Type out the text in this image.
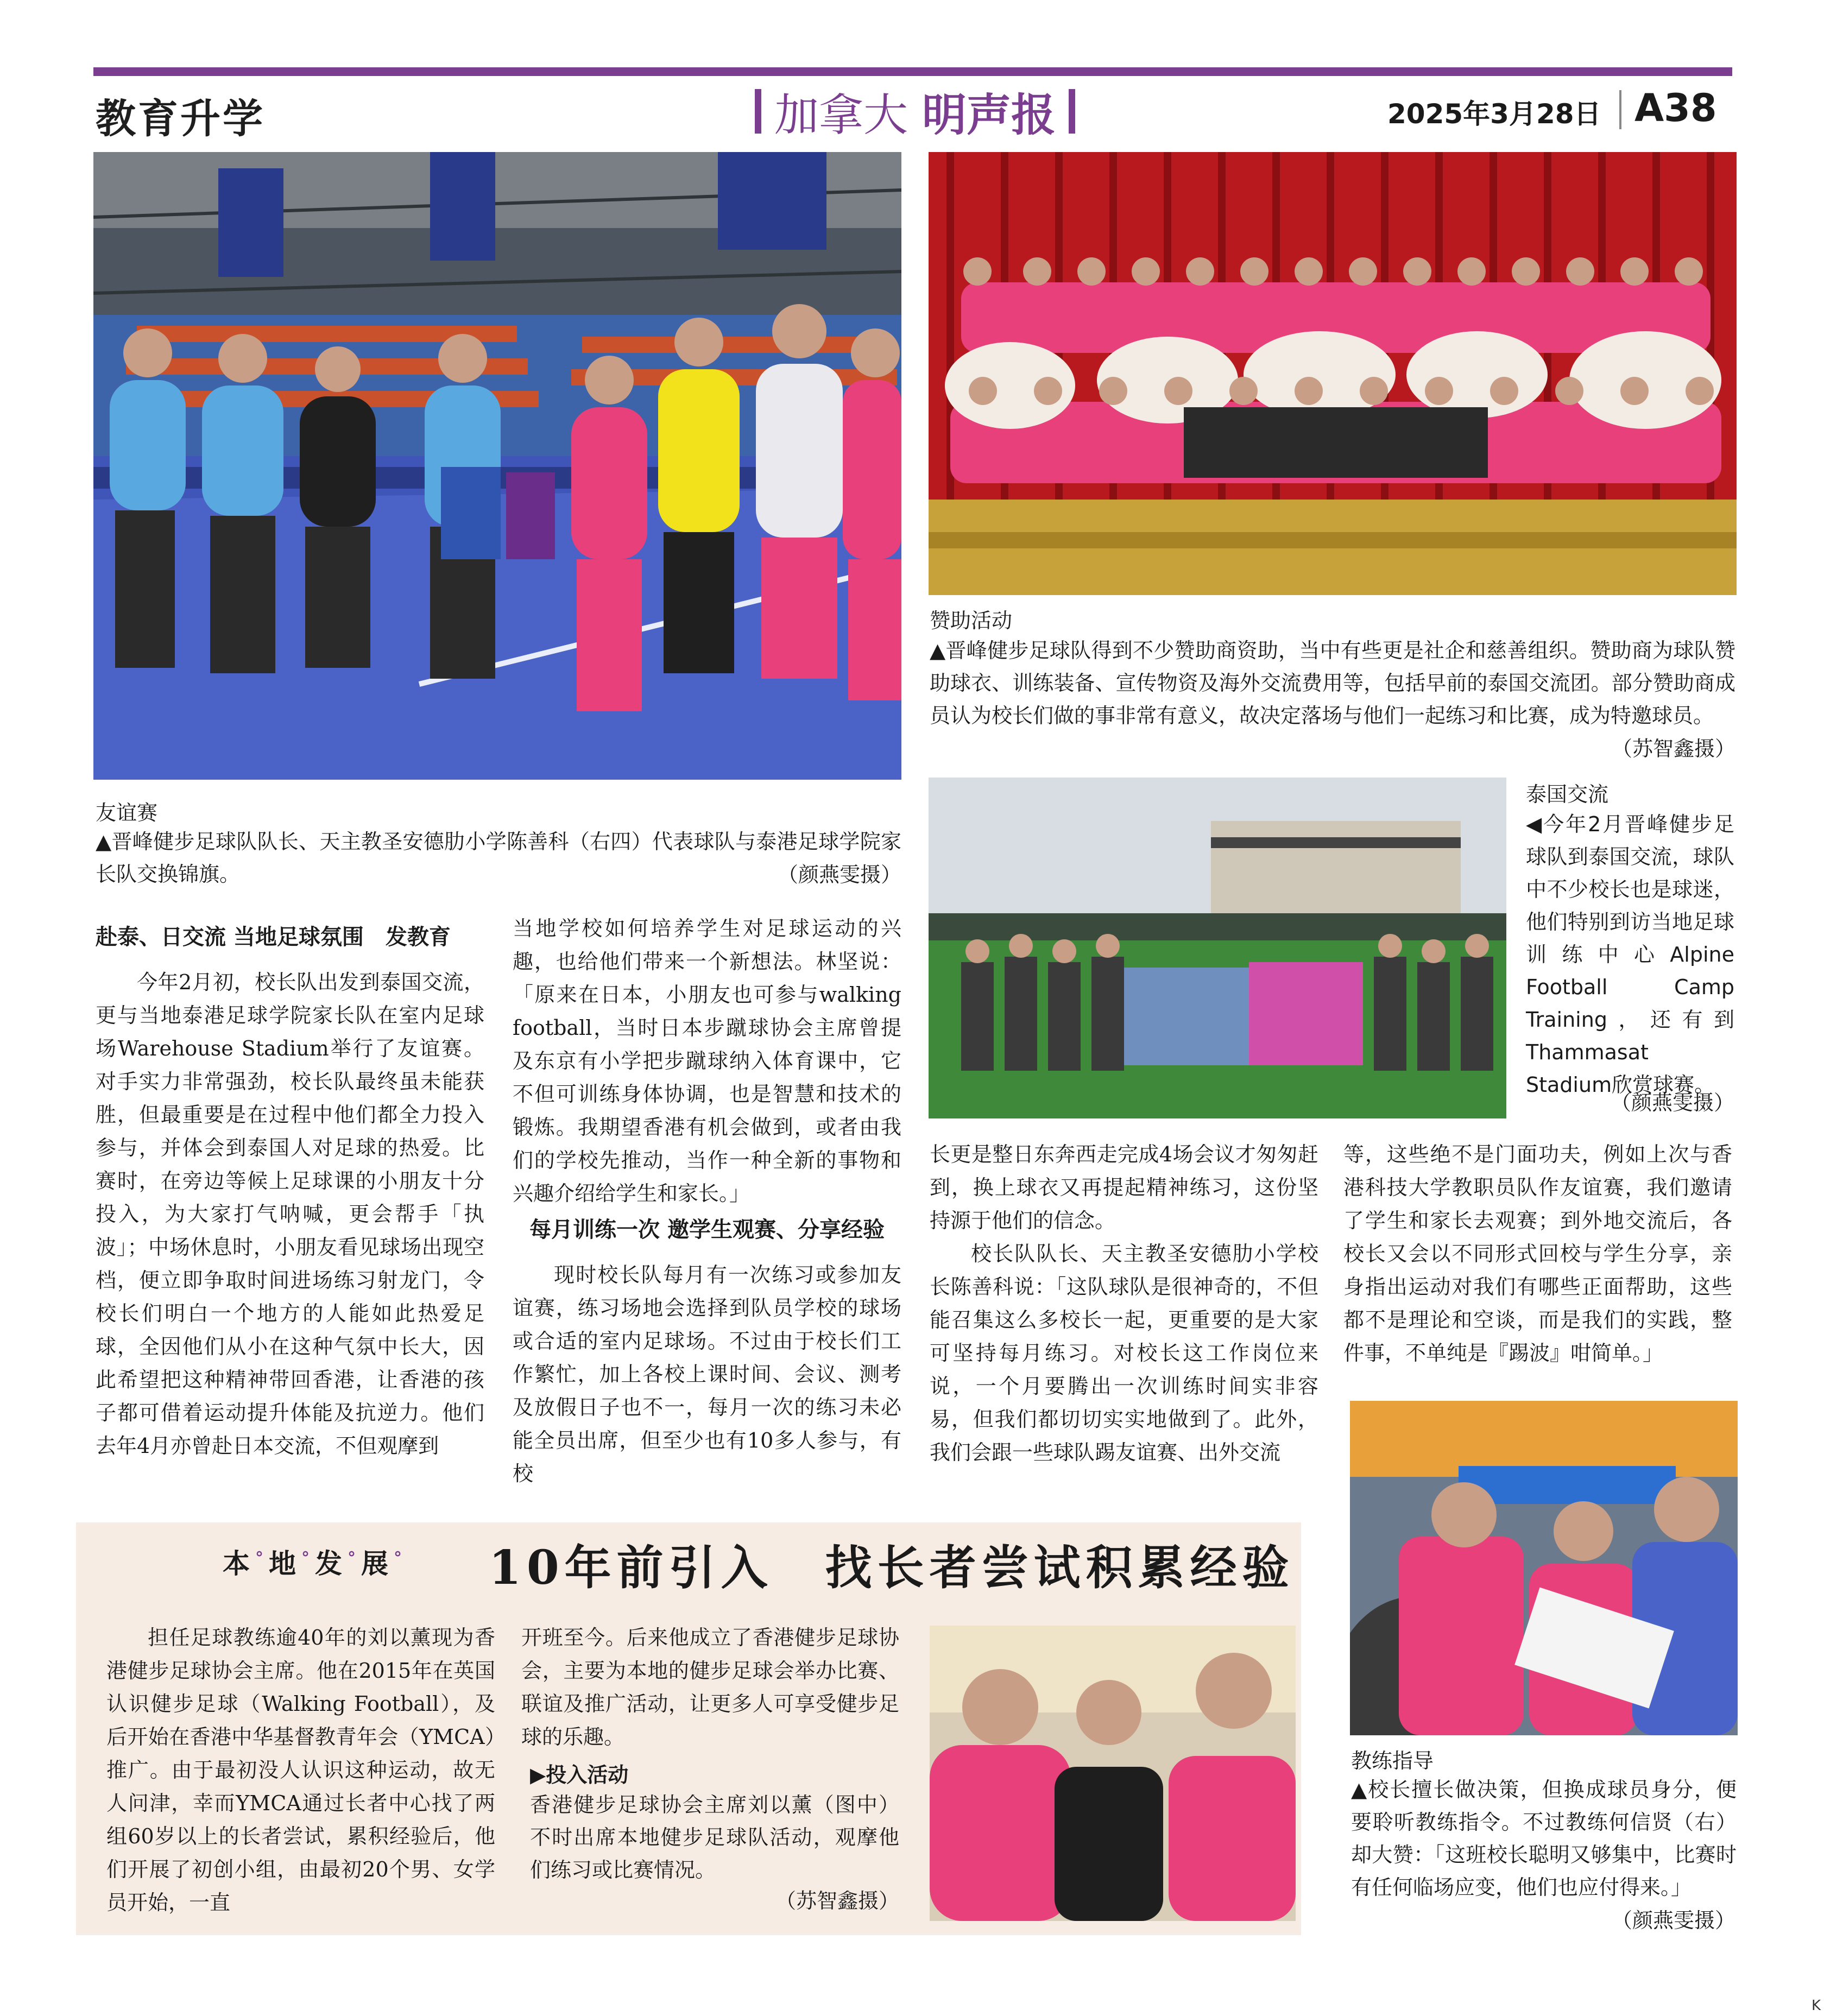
教育升学	加拿大 明声报	2025年3月28日 A38
友谊赛
▲晋峰健步足球队队长、天主教圣安德肋小学陈善科（右四）代表球队与泰港足球学院家长队交换锦旗。	（颜燕雯摄）
赞助活动
▲晋峰健步足球队得到不少赞助商资助，当中有些更是社企和慈善组织。赞助商为球队赞助球衣、训练装备、宣传物资及海外交流费用等，包括早前的泰国交流团。部分赞助商成员认为校长们做的事非常有意义，故决定落场与他们一起练习和比赛，成为特邀球员。
（苏智鑫摄）
泰国交流
◀今年2月晋峰健步足球队到泰国交流，球队中不少校长也是球迷，他们特别到访当地足球训练中心Alpine Football Camp Training，还有到Thammasat Stadium欣赏球赛。
（颜燕雯摄）
赴泰、日交流 当地足球氛围　发教育

今年2月初，校长队出发到泰国交流，更与当地泰港足球学院家长队在室内足球场Warehouse Stadium举行了友谊赛。对手实力非常强劲，校长队最终虽未能获胜，但最重要是在过程中他们都全力投入参与，并体会到泰国人对足球的热爱。比赛时，在旁边等候上足球课的小朋友十分投入，为大家打气呐喊，更会帮手「执波」；中场休息时，小朋友看见球场出现空档，便立即争取时间进场练习射龙门，令校长们明白一个地方的人能如此热爱足球，全因他们从小在这种气氛中长大，因此希望把这种精神带回香港，让香港的孩子都可借着运动提升体能及抗逆力。他们去年4月亦曾赴日本交流，不但观摩到

当地学校如何培养学生对足球运动的兴趣，也给他们带来一个新想法。林坚说：「原来在日本，小朋友也可参与walking football，当时日本步蹴球协会主席曾提及东京有小学把步蹴球纳入体育课中，它不但可训练身体协调，也是智慧和技术的锻炼。我期望香港有机会做到，或者由我们的学校先推动，当作一种全新的事物和兴趣介绍给学生和家长。」

每月训练一次 邀学生观赛、分享经验

现时校长队每月有一次练习或参加友谊赛，练习场地会选择到队员学校的球场或合适的室内足球场。不过由于校长们工作繁忙，加上各校上课时间、会议、测考及放假日子也不一，每月一次的练习未必能全员出席，但至少也有10多人参与，有校

长更是整日东奔西走完成4场会议才匆匆赶到，换上球衣又再提起精神练习，这份坚持源于他们的信念。

校长队队长、天主教圣安德肋小学校长陈善科说：「这队球队是很神奇的，不但能召集这么多校长一起，更重要的是大家可坚持每月练习。对校长这工作岗位来说，一个月要腾出一次训练时间实非容易，但我们都切切实实地做到了。此外，我们会跟一些球队踢友谊赛、出外交流

等，这些绝不是门面功夫，例如上次与香港科技大学教职员队作友谊赛，我们邀请了学生和家长去观赛；到外地交流后，各校长又会以不同形式回校与学生分享，亲身指出运动对我们有哪些正面帮助，这些都不是理论和空谈，而是我们的实践，整件事，不单纯是『踢波』咁简单。」

教练指导
▲校长擅长做决策，但换成球员身分，便要聆听教练指令。不过教练何信贤（右）却大赞：「这班校长聪明又够集中，比赛时有任何临场应变，他们也应付得来。」
（颜燕雯摄）
本 ° 地 ° 发 ° 展 ° 10年前引入　找长者尝试积累经验

担任足球教练逾40年的刘以薰现为香港健步足球协会主席。他在2015年在英国认识健步足球（Walking Football），及后开始在香港中华基督教青年会（YMCA）推广。由于最初没人认识这种运动，故无人问津，幸而YMCA通过长者中心找了两组60岁以上的长者尝试，累积经验后，他们开展了初创小组，由最初20个男、女学员开始，一直

开班至今。后来他成立了香港健步足球协会，主要为本地的健步足球会举办比赛、联谊及推广活动，让更多人可享受健步足球的乐趣。

▶投入活动
香港健步足球协会主席刘以薰（图中）不时出席本地健步足球队活动，观摩他们练习或比赛情况。
（苏智鑫摄）
K
